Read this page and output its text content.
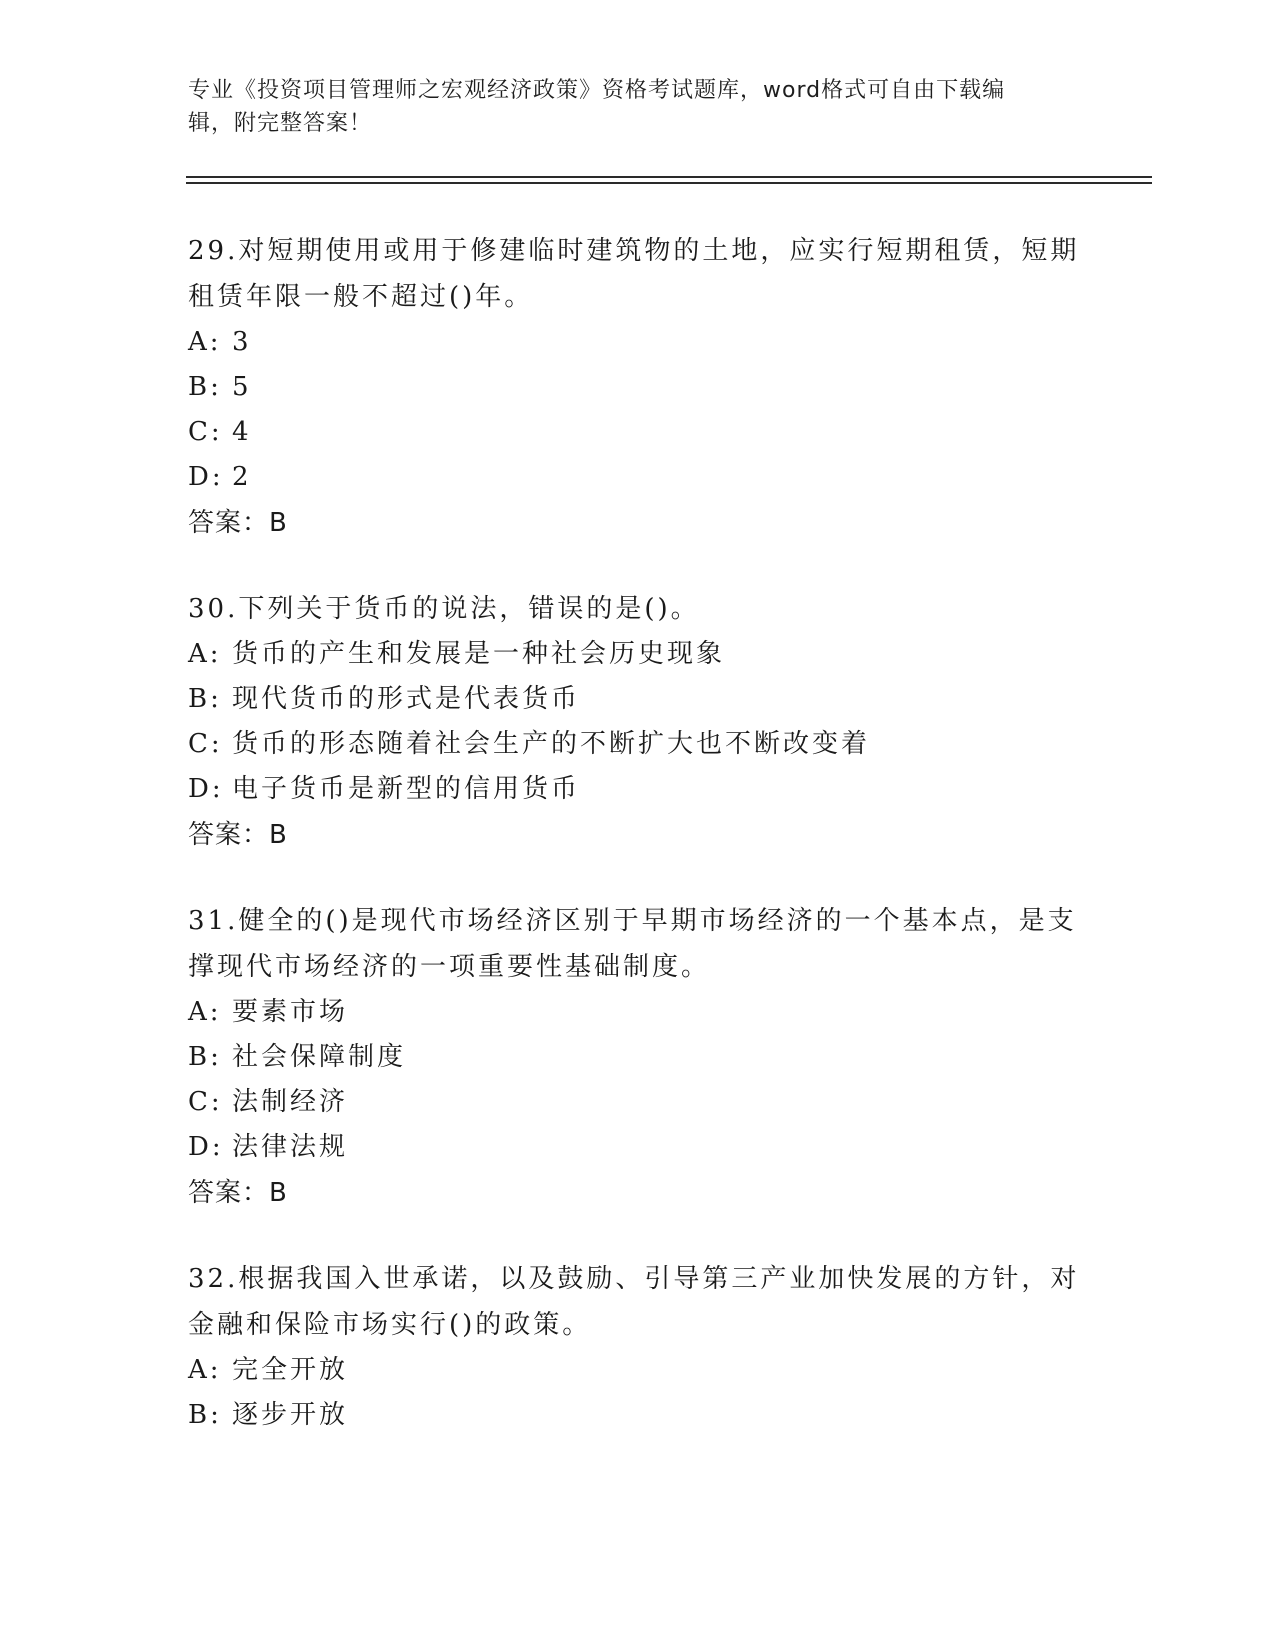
专业《投资项目管理师之宏观经济政策》资格考试题库，word格式可自由下载编
辑，附完整答案！

29.对短期使用或用于修建临时建筑物的土地，应实行短期租赁，短期

租赁年限一般不超过()年。

A: 3

B: 5

C: 4

D: 2

答案：B

30.下列关于货币的说法，错误的是()。

A: 货币的产生和发展是一种社会历史现象

B: 现代货币的形式是代表货币

C: 货币的形态随着社会生产的不断扩大也不断改变着

D: 电子货币是新型的信用货币

答案：B

31.健全的()是现代市场经济区别于早期市场经济的一个基本点，是支

撑现代市场经济的一项重要性基础制度。

A: 要素市场

B: 社会保障制度

C: 法制经济

D: 法律法规

答案：B

32.根据我国入世承诺，以及鼓励、引导第三产业加快发展的方针，对

金融和保险市场实行()的政策。

A: 完全开放

B: 逐步开放
